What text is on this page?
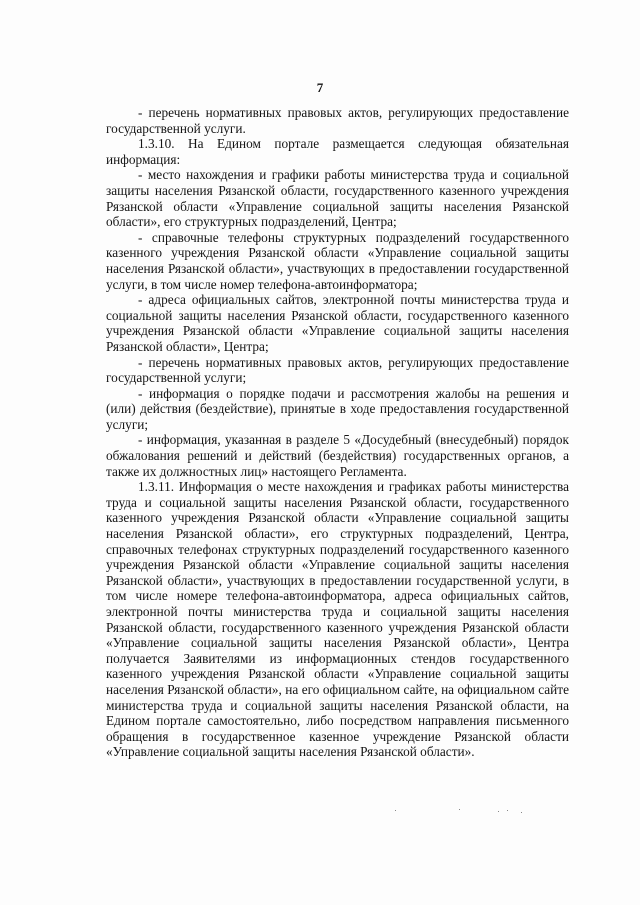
7

- перечень нормативных правовых актов, регулирующих предоставление государственной услуги.

1.3.10. На Едином портале размещается следующая обязательная информация:

- место нахождения и графики работы министерства труда и социальной защиты населения Рязанской области, государственного казенного учреждения Рязанской области «Управление социальной защиты населения Рязанской области», его структурных подразделений, Центра;

- справочные телефоны структурных подразделений государственного казенного учреждения Рязанской области «Управление социальной защиты населения Рязанской области», участвующих в предоставлении государственной услуги, в том числе номер телефона-автоинформатора;

- адреса официальных сайтов, электронной почты министерства труда и социальной защиты населения Рязанской области, государственного казенного учреждения Рязанской области «Управление социальной защиты населения Рязанской области», Центра;

- перечень нормативных правовых актов, регулирующих предоставление государственной услуги;

- информация о порядке подачи и рассмотрения жалобы на решения и (или) действия (бездействие), принятые в ходе предоставления государственной услуги;

- информация, указанная в разделе 5 «Досудебный (внесудебный) порядок обжалования решений и действий (бездействия) государственных органов, а также их должностных лиц» настоящего Регламента.

1.3.11. Информация о месте нахождения и графиках работы министерства труда и социальной защиты населения Рязанской области, государственного казенного учреждения Рязанской области «Управление социальной защиты населения Рязанской области», его структурных подразделений, Центра, справочных телефонах структурных подразделений государственного казенного учреждения Рязанской области «Управление социальной защиты населения Рязанской области», участвующих в предоставлении государственной услуги, в том числе номере телефона-автоинформатора, адреса официальных сайтов, электронной почты министерства труда и социальной защиты населения Рязанской области, государственного казенного учреждения Рязанской области «Управление социальной защиты населения Рязанской области», Центра получается Заявителями из информационных стендов государственного казенного учреждения Рязанской области «Управление социальной защиты населения Рязанской области», на его официальном сайте, на официальном сайте министерства труда и социальной защиты населения Рязанской области, на Едином портале самостоятельно, либо посредством направления письменного обращения в государственное казенное учреждение Рязанской области «Управление социальной защиты населения Рязанской области».
